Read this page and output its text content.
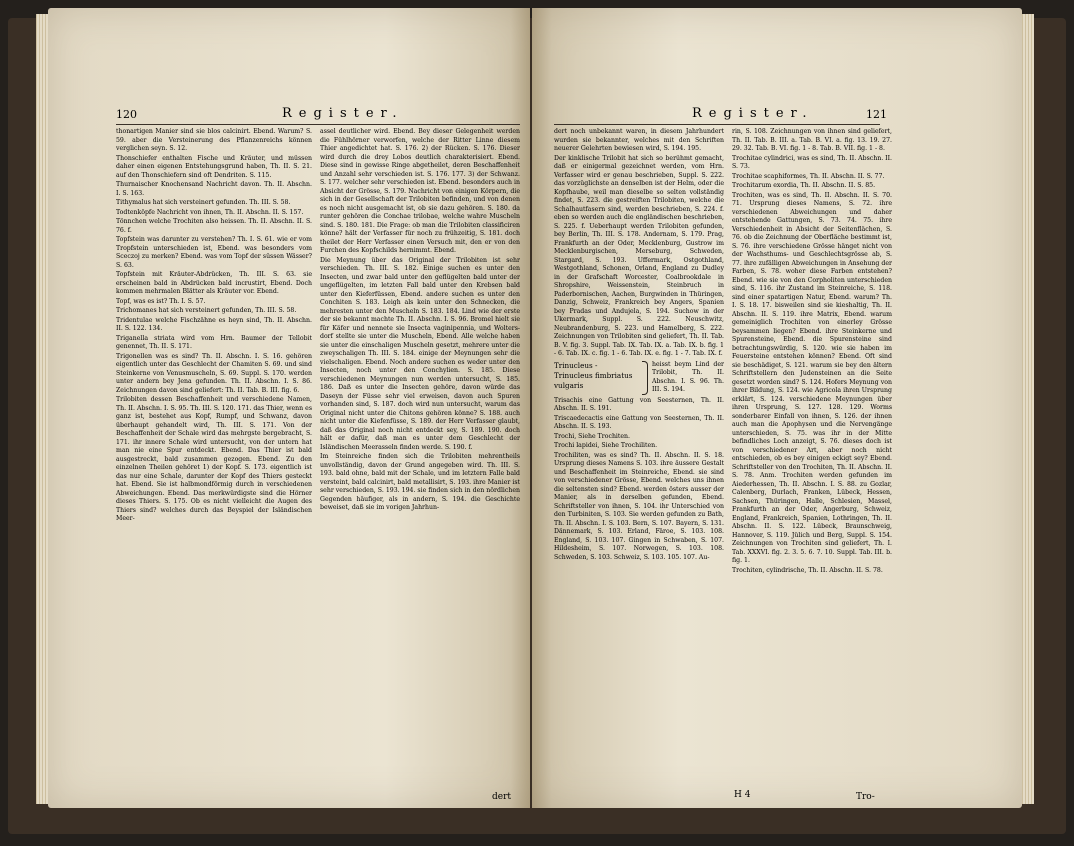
120	Register.

thonartigen Manier sind sie blos calcinirt. Ebend. Warum? S. 59. aber die Versteinerung des Pflanzenreichs können verglichen seyn. S. 12.

Thonschiefer enthalten Fische und Kräuter, und müssen daher einen eigenen Entstehungsgrund haben, Th. II. S. 21. auf den Thonschiefern sind oft Dendriten. S. 115.

Thurnaischer Knochensand Nachricht davon. Th. II. Abschn. I. S. 163.

Tithymalus hat sich versteinert gefunden. Th. III. S. 58.

Todtenköpfe Nachricht von ihnen, Th. II. Abschn. II. S. 157.

Tönnchen welche Trochiten also heissen. Th. II. Abschn. II. S. 76. f.

Topfstein was darunter zu verstehen? Th. I. S. 61. wie er vom Tropfstein unterschieden ist, Ebend. was besonders vom Sceczoj zu merken? Ebend. was vom Topf der süssen Wässer? S. 63.

Topfstein mit Kräuter-Abdrücken, Th. III. S. 63. sie erscheinen bald in Abdrücken bald incrustirt, Ebend. Doch kommen mehrmalen Blätter als Kräuter vor. Ebend.

Topf, was es ist? Th. I. S. 57.

Trichomanes hat sich versteinert gefunden, Th. III. S. 58.

Tridentulae welche Fischzähne es heyn sind, Th. II. Abschn. II. S. 122. 134.

Triganella striata wird vom Hrn. Baumer der Tellobit genennet, Th. II. S. 171.

Trigonellen was es sind? Th. II. Abschn. I. S. 16. gehören eigentlich unter das Geschlecht der Chamiten S. 69. und sind Steinkerne von Venusmuscheln, S. 69. Suppl. S. 170. werden unter andern bey Jena gefunden. Th. II. Abschn. I. S. 86. Zeichnungen davon sind geliefert: Th. II. Tab. B. III. fig. 6.

Trilobiten dessen Beschaffenheit und verschiedene Namen, Th. II. Abschn. I. S. 95. Th. III. S. 120. 171. das Thier, wenn es ganz ist, bestehet aus Kopf, Rumpf, und Schwanz, davon überhaupt gehandelt wird, Th. III. S. 171. Von der Beschaffenheit der Schale wird das mehrgste bergebracht, S. 171. ihr innere Schale wird untersucht, von der untern hat man nie eine Spur entdeckt. Ebend. Das Thier ist bald ausgestreckt, bald zusammen gezogen. Ebend. Zu den einzelnen Theilen gehöret 1) der Kopf. S. 173. eigentlich ist das nur eine Schale, darunter der Kopf des Thiers gesteckt hat. Ebend. Sie ist halbmondförmig durch in verschiedenen Abweichungen. Ebend. Das merkwürdigste sind die Hörner dieses Thiers. S. 175. Ob es nicht vielleicht die Augen des Thiers sind? welches durch das Beyspiel der Isländischen Meer-

assel deutlicher wird. Ebend. Bey dieser Gelegenheit werden die Fühlhörner verworfen, welche der Ritter Linne diesem Thier angedichtet hat. S. 176. 2) der Rücken. S. 176. Dieser wird durch die drey Lobos deutlich charakterisiert. Ebend. Diese sind in gewisse Ringe abgetheilet, deren Beschaffenheit und Anzahl sehr verschieden ist. S. 176. 177. 3) der Schwanz. S. 177. welcher sehr verschieden ist. Ebend. besonders auch in Absicht der Grösse, S. 179. Nachricht von einigen Körpern, die sich in der Gesellschaft der Trilobiten befinden, und von denen es noch nicht ausgemacht ist, ob sie dazu gehören. S. 180. da runter gehören die Conchae trilobae, welche wahre Muscheln sind. S. 180. 181. Die Frage: ob man die Trilobiten classificiren könne? hält der Verfasser für noch zu frühzeitig, S. 181. doch theilet der Herr Verfasser einen Versuch mit, den er von den Furchen des Kopfschilds hernimmt. Ebend.

Die Meynung über das Original der Trilobiten ist sehr verschieden. Th. III. S. 182. Einige suchen es unter den Insecten, und zwar bald unter den geflügelten bald unter der ungeflügelten, im letzten Fall bald unter den Krebsen bald unter den Kieferfüssen, Ebend. andere suchen es unter den Conchiten S. 183. Leigh als kein unter den Schnecken, die mehresten unter den Muscheln S. 183. 184. Lind wie der erste der sie bekannt machte Th. II. Abschn. I. S. 96. Bromel hielt sie für Käfer und nennete sie Insecta vaginipennia, und Wolters-dorf stellte sie unter die Muscheln, Ebend. Alle welche haben sie unter die einschaligen Muscheln gesetzt, mehrere unter die zweyschaligen Th. III. S. 184. einige der Meynungen sehr die vielschaligen. Ebend. Noch andere suchen es weder unter den Insecten, noch unter den Conchylien. S. 185. Diese verschiedenen Meynungen nun werden untersucht, S. 185. 186. Daß es unter die Insecten gehöre, davon würde das Daseyn der Füsse sehr viel erweisen, davon auch Spuren vorhanden sind, S. 187. doch wird nun untersucht, warum das Original nicht unter die Chitons gehören könne? S. 188. auch nicht unter die Kiefenfüsse, S. 189. der Herr Verfasser glaubt, daß das Original noch nicht entdeckt sey, S. 189. 190. doch hält er dafür, daß man es unter dem Geschlecht der Isländischen Meerasseln finden werde. S. 190. f.

Im Steinreiche finden sich die Trilobiten mehrentheils unvollständig, davon der Grund angegeben wird. Th. III. S. 193. bald ohne, bald mit der Schale, und im letztern Falle bald versteint, bald calcinirt, bald metallisirt, S. 193. ihre Manier ist sehr verschieden, S. 193. 194. sie finden sich in den nördlichen Gegenden häufiger, als in andern, S. 194. die Geschichte beweiset, daß sie im vorigen Jahrhun-

dert
Register.	121

dert noch unbekannt waren, in diesem Jahrhundert wurden sie bekannter, welches mit den Schriften neuerer Gelehrten bewiesen wird, S. 194. 195.

Der kinklische Trilobit hat sich so berühmt gemacht, daß er einigermal gezeichnet werden, vom Hrn. Verfasser wird er genau beschrieben, Suppl. S. 222. das vorzüglichste an denselben ist der Helm, oder die Kopfhaube, weil man dieselbe so selten vollständig findet, S. 223. die gestreiften Trilobiten, welche die Schalhautfasern sind, werden beschrieben, S. 224. f. eben so werden auch die engländischen beschrieben, S. 225. f. Ueberhaupt werden Trilobiten gefunden, bey Berlin, Th. III. S. 178. Andernam, S. 179. Prag, Frankfurth an der Oder, Mecklenburg, Gustrow im Mecklenburgischen, Merseburg, Schweden, Stargard, S. 193. Uffermark, Ostgothland, Westgothland, Schonen, Orland, England zu Dudley in der Grafschaft Worcester, Coalbrookdale in Shropshire, Weissenstein, Steinbruch in Paderbornischen, Aachen, Burgwinden in Thüringen, Danzig, Schweiz, Frankreich bey Angers, Spanien bey Pradas und Andujela, S. 194. Suchow in der Ukermark, Suppl. S. 222. Neuschwitz, Neubrandenburg, S. 223. und Hamelberg, S. 222. Zeichnungen von Trilobiten sind geliefert, Th. II. Tab. B. V. fig. 3. Suppl. Tab. IX. Tab. IX. a. Tab. IX. b. fig. 1 - 6. Tab. IX. c. fig. 1 - 6. Tab. IX. e. fig. 1 - 7. Tab. IX. f.

Trinucleus -

Trinucleus fimbriatus

vulgaris

heisst beym Lind der Trilobit, Th. II. Abschn. I. S. 96. Th. III. S. 194.

Trisachis eine Gattung von Seesternen, Th. II. Abschn. II. S. 191.

Triscaedecactis eine Gattung von Seesternen, Th. II. Abschn. II. S. 193.

Trochi, Siehe Trochiten.

Trochi lapidei, Siehe Trochiliten.

Trochiliten, was es sind? Th. II. Abschn. II. S. 18. Ursprung dieses Namens S. 103. ihre äussere Gestalt und Beschaffenheit im Steinreiche, Ebend. sie sind von verschiedener Grösse, Ebend. welches uns ihnen die seltensten sind? Ebend. werden östers ausser der Manier, als in derselben gefunden, Ebend. Schriftsteller von ihnen, S. 104. ihr Unterschied von den Turbiniten, S. 103. Sie werden gefunden zu Bath, Th. II. Abschn. I. S. 103. Bern, S. 107. Bayern, S. 131. Dännemark, S. 103. Erland, Färoe, S. 103. 108. England, S. 103. 107. Gingen in Schwaben, S. 107. Hildesheim, S. 107. Norwegen, S. 103. 108. Schweden, S. 103. Schweiz, S. 103. 105. 107. Au-

rin, S. 108. Zeichnungen von ihnen sind geliefert, Th. II. Tab. B. III. a. Tab. B. VI. a. fig. 13. 19. 27. 29. 32. Tab. B. VI. fig. 1 - 8. Tab. B. VII. fig. 1 - 8.

Trochitae cylindrici, was es sind, Th. II. Abschn. II. S. 73.

Trochitae scaphiformes, Th. II. Abschn. II. S. 77.

Trochitarum exordia, Th. II. Abschn. II. S. 85.

Trochiten, was es sind, Th. II. Abschn. II. S. 70. 71. Ursprung dieses Namens, S. 72. ihre verschiedenen Abweichungen und daher entstehende Gattungen, S. 73. 74. 75. ihre Verschiedenheit in Absicht der Seitenflächen, S. 76. ob die Zeichnung der Oberfläche bestimmt ist, S. 76. ihre verschiedene Grösse hänget nicht von der Wachsthums- und Geschlechtsgrösse ab, S. 77. ihre zufälligen Abweichungen in Ansehung der Farben, S. 78. woher diese Farben entstehen? Ebend. wie sie von den Corpholiten unterschieden sind, S. 116. ihr Zustand im Steinreiche, S. 118. sind einer spatartigen Natur, Ebend. warum? Th. I. S. 18. 17. bisweilen sind sie kieshaltig, Th. II. Abschn. II. S. 119. ihre Matrix, Ebend. warum gemeiniglich Trochiten von einerley Grösse beysammen liegen? Ebend. ihre Steinkerne und Spurensteine, Ebend. die Spurensteine sind betrachtungswürdig, S. 120. wie sie haben im Feuersteine entstehen können? Ebend. Oft sind sie beschädiget, S. 121. warum sie bey den ältern Schriftstellern den Judensteinen an die Seite gesetzt worden sind? S. 124. Hofers Meynung von ihrer Bildung, S. 124. wie Agricola ihren Ursprung erklärt, S. 124. verschiedene Meynungen über ihren Ursprung, S. 127. 128. 129. Worms sonderbarer Einfall von ihnen, S. 126. der ihnen auch man die Apophysen und die Nervengänge unterschieden, S. 75. was ihr in der Mitte befindliches Loch anzeigt, S. 76. dieses doch ist von verschiedener Art, aber noch nicht entschieden, ob es bey einigen eckigt sey? Ebend. Schriftsteller von den Trochiten, Th. II. Abschn. II. S. 78. Anm. Trochiten werden gefunden im Aiederhessen, Th. II. Abschn. I. S. 88. zu Gozlar, Calenberg, Durlach, Franken, Lübeck, Hessen, Sachsen, Thüringen, Halle, Schlesien, Massel, Frankfurth an der Oder, Angerburg, Schweiz, England, Frankreich, Spanien, Lothringen, Th. II. Abschn. II. S. 122. Lübeck, Braunschweig, Hannover, S. 119. Jülich und Berg, Suppl. S. 154. Zeichnungen von Trochiten sind geliefert, Th. I. Tab. XXXVI. fig. 2. 3. 5. 6. 7. 10. Suppl. Tab. III. b. fig. 1.

Trochiten, cylindrische, Th. II. Abschn. II. S. 78.

H 4	Tro-
